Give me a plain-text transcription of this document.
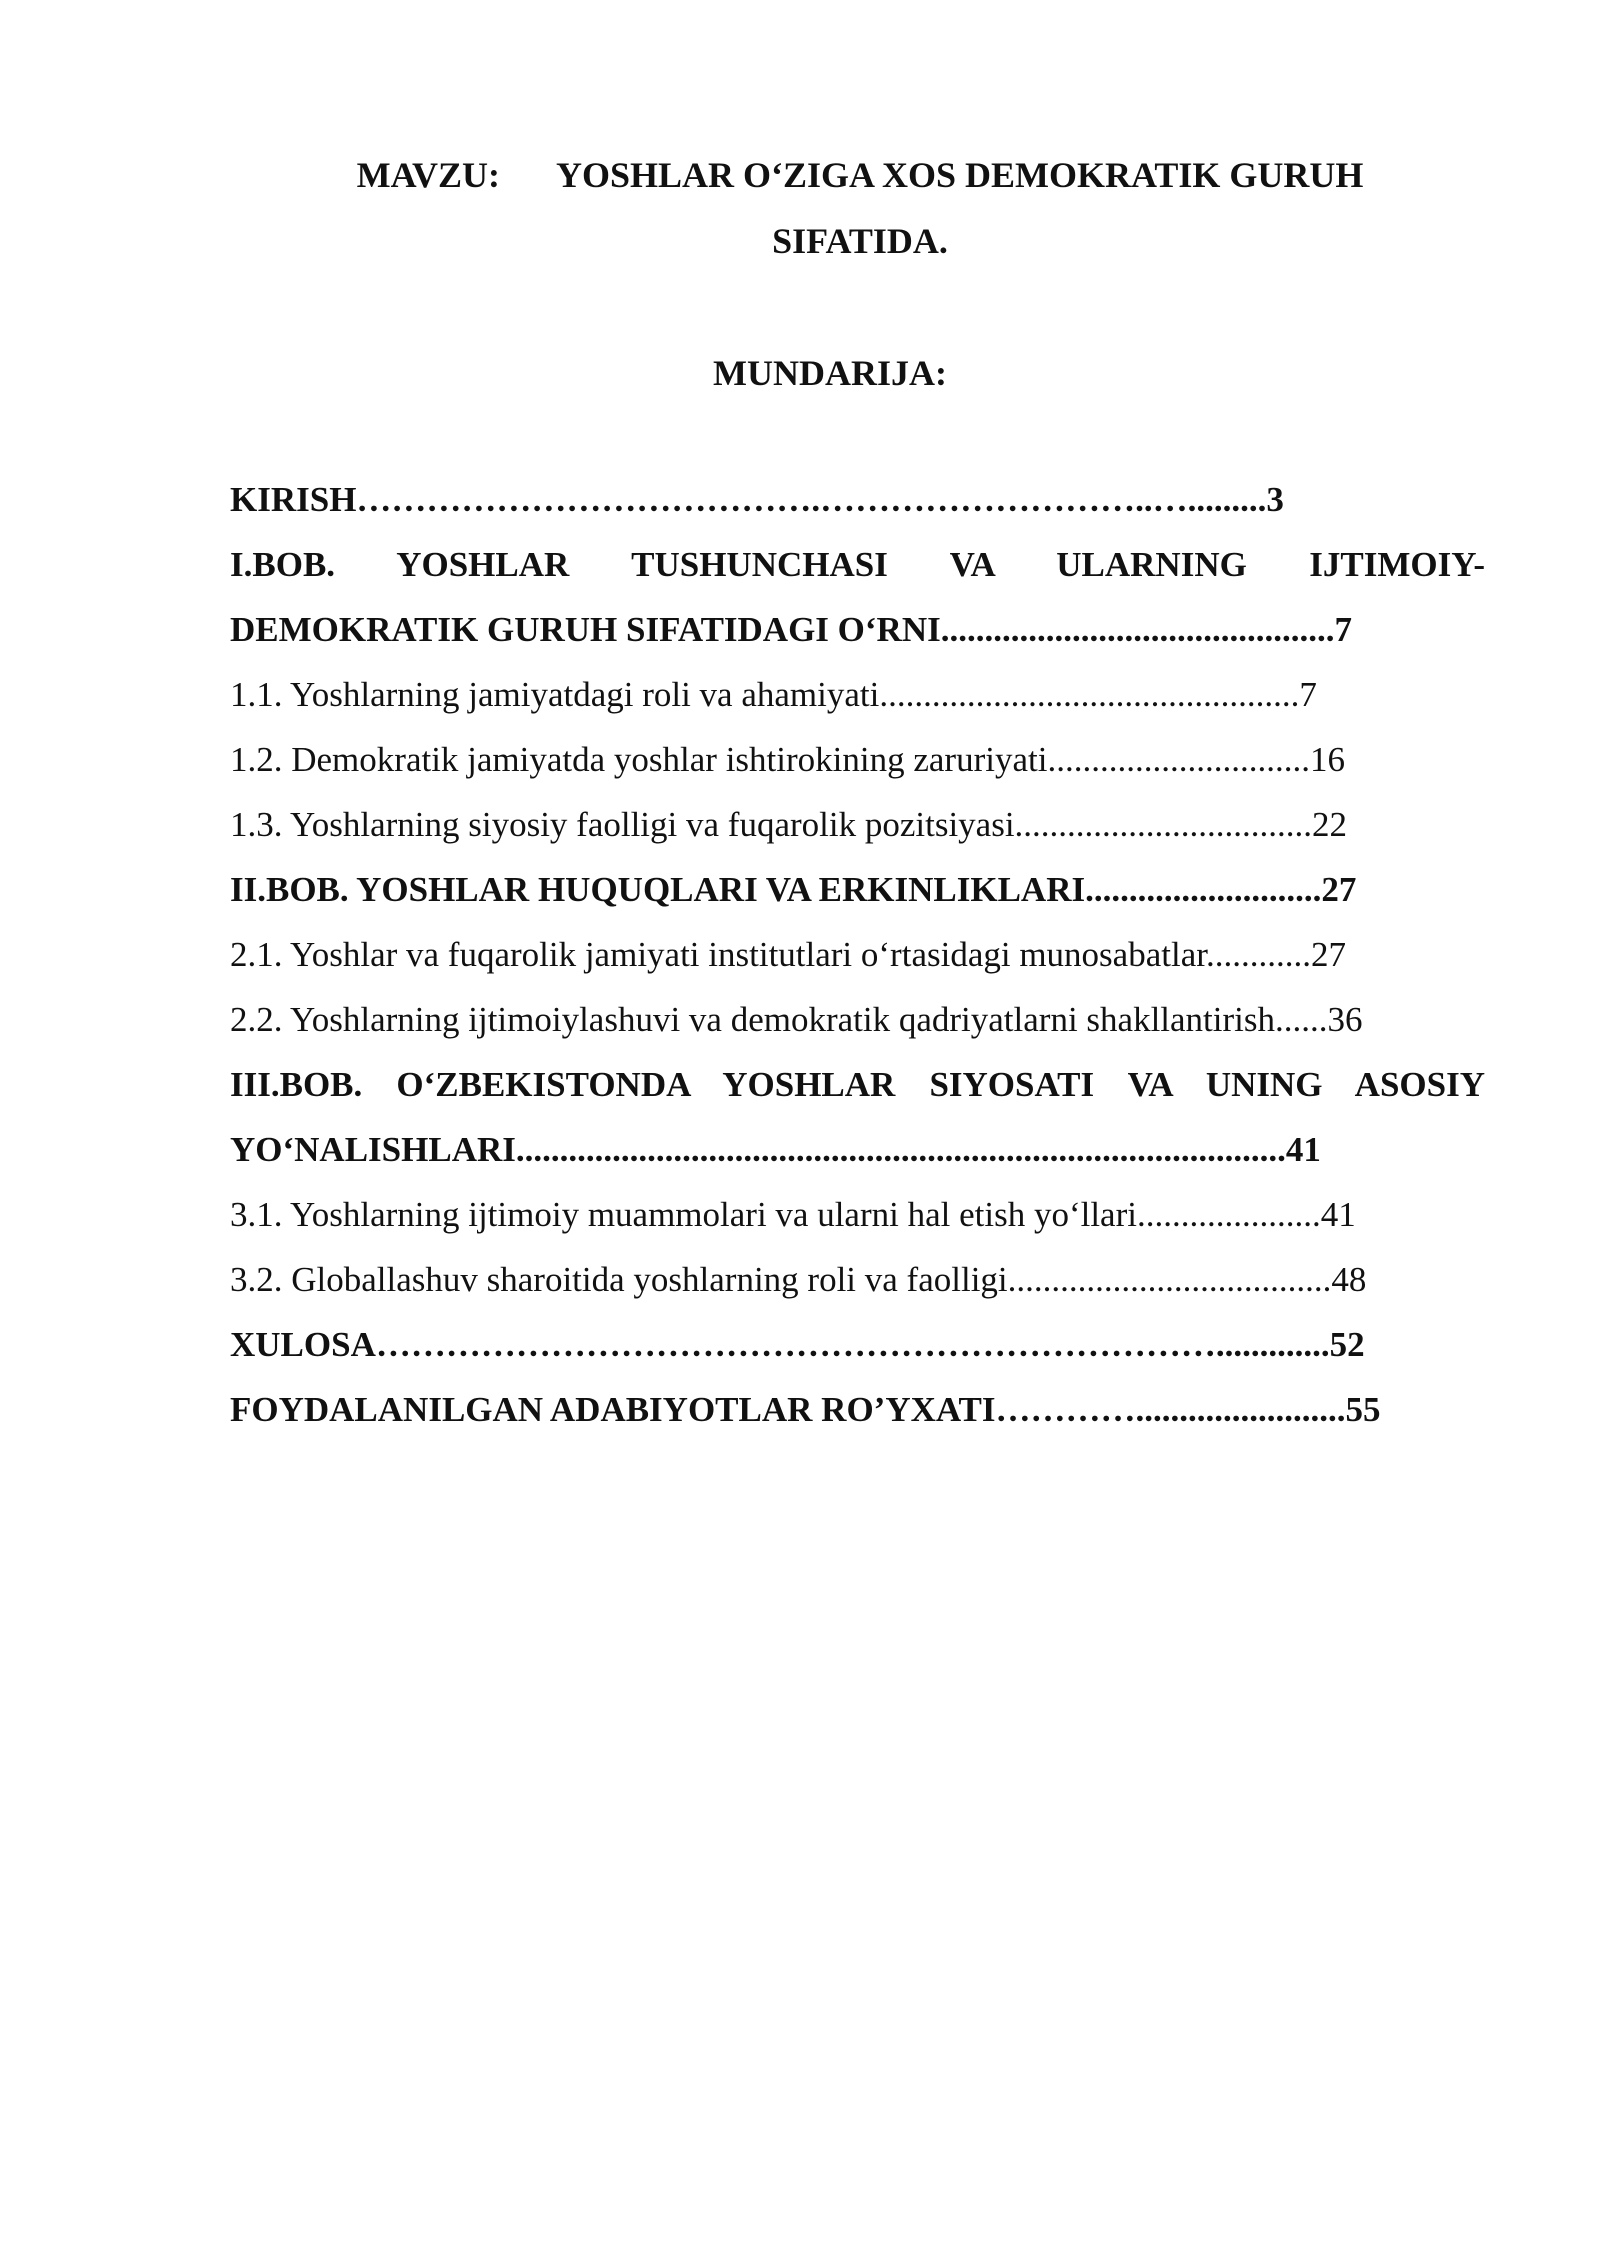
MAVZU: YOSHLAR O‘ZIGA XOS DEMOKRATIK GURUH
SIFATIDA.
MUNDARIJA:
KIRISH………………………………….………………………..….........3
I.BOB. YOSHLAR TUSHUNCHASI VA ULARNING IJTIMOIY-
DEMOKRATIK GURUH SIFATIDAGI O‘RNI.............................................7
1.1. Yoshlarning jamiyatdagi roli va ahamiyati................................................7
1.2. Demokratik jamiyatda yoshlar ishtirokining zaruriyati..............................16
1.3. Yoshlarning siyosiy faolligi va fuqarolik pozitsiyasi..................................22
II.BOB. YOSHLAR HUQUQLARI VA ERKINLIKLARI...........................27
2.1. Yoshlar va fuqarolik jamiyati institutlari o‘rtasidagi munosabatlar............27
2.2. Yoshlarning ijtimoiylashuvi va demokratik qadriyatlarni shakllantirish......36
III.BOB. O‘ZBEKISTONDA YOSHLAR SIYOSATI VA UNING ASOSIY
YO‘NALISHLARI........................................................................................41
3.1. Yoshlarning ijtimoiy muammolari va ularni hal etish yo‘llari.....................41
3.2. Globallashuv sharoitida yoshlarning roli va faolligi.....................................48
XULOSA……………………………………………………………….............52
FOYDALANILGAN ADABIYOTLAR RO’YXATI…………........................55
